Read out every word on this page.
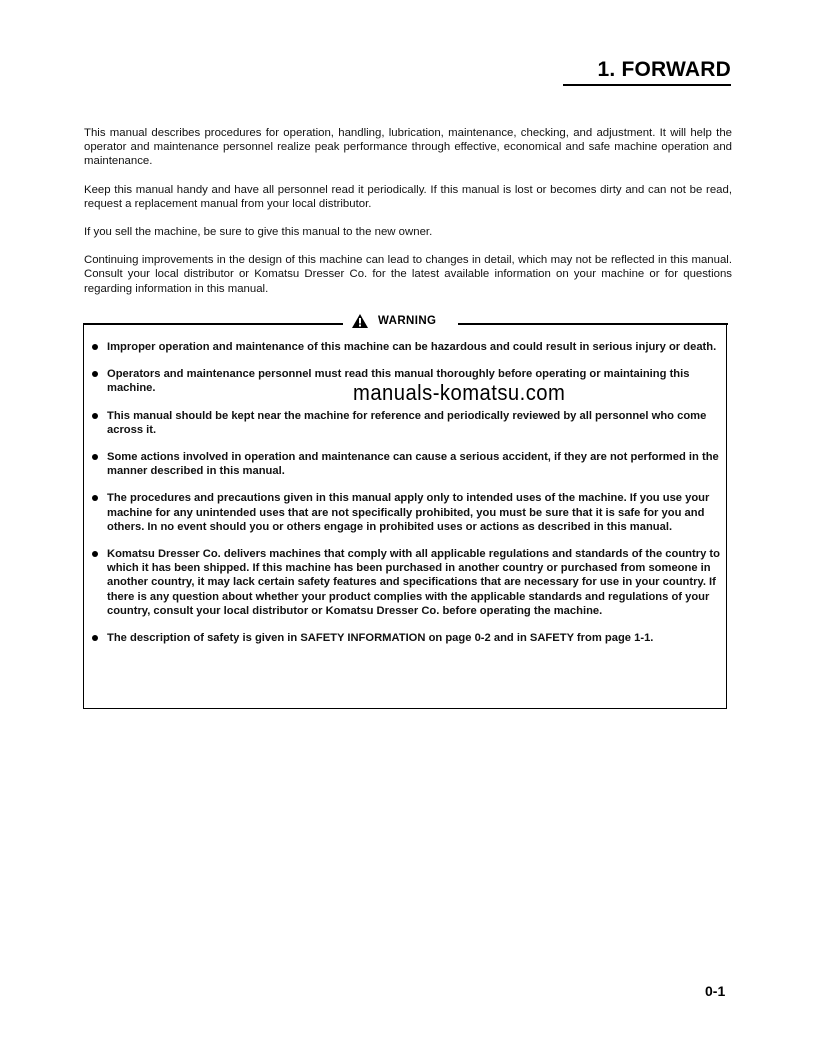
1. FORWARD

This manual describes procedures for operation, handling, lubrication, maintenance, checking, and adjustment. It will help the operator and maintenance personnel realize peak performance through effective, economical and safe machine operation and maintenance.

Keep this manual handy and have all personnel read it periodically. If this manual is lost or becomes dirty and can not be read, request a replacement manual from your local distributor.

If you sell the machine, be sure to give this manual to the new owner.

Continuing improvements in the design of this machine can lead to changes in detail, which may not be reflected in this manual. Consult your local distributor or Komatsu Dresser Co. for the latest available information on your machine or for questions regarding information in this manual.

WARNING
Improper operation and maintenance of this machine can be hazardous and could result in serious injury or death.
Operators and maintenance personnel must read this manual thoroughly before operating or maintaining this machine.
This manual should be kept near the machine for reference and periodically reviewed by all personnel who come across it.
Some actions involved in operation and maintenance can cause a serious accident, if they are not performed in the manner described in this manual.
The procedures and precautions given in this manual apply only to intended uses of the machine. If you use your machine for any unintended uses that are not specifically prohibited, you must be sure that it is safe for you and others. In no event should you or others engage in prohibited uses or actions as described in this manual.
Komatsu Dresser Co. delivers machines that comply with all applicable regulations and standards of the country to which it has been shipped. If this machine has been purchased in another country or purchased from someone in another country, it may lack certain safety features and specifications that are necessary for use in your country. If there is any question about whether your product complies with the applicable standards and regulations of your country, consult your local distributor or Komatsu Dresser Co. before operating the machine.
The description of safety is given in SAFETY INFORMATION on page 0-2 and in SAFETY from page 1-1.
manuals-komatsu.com
0-1
